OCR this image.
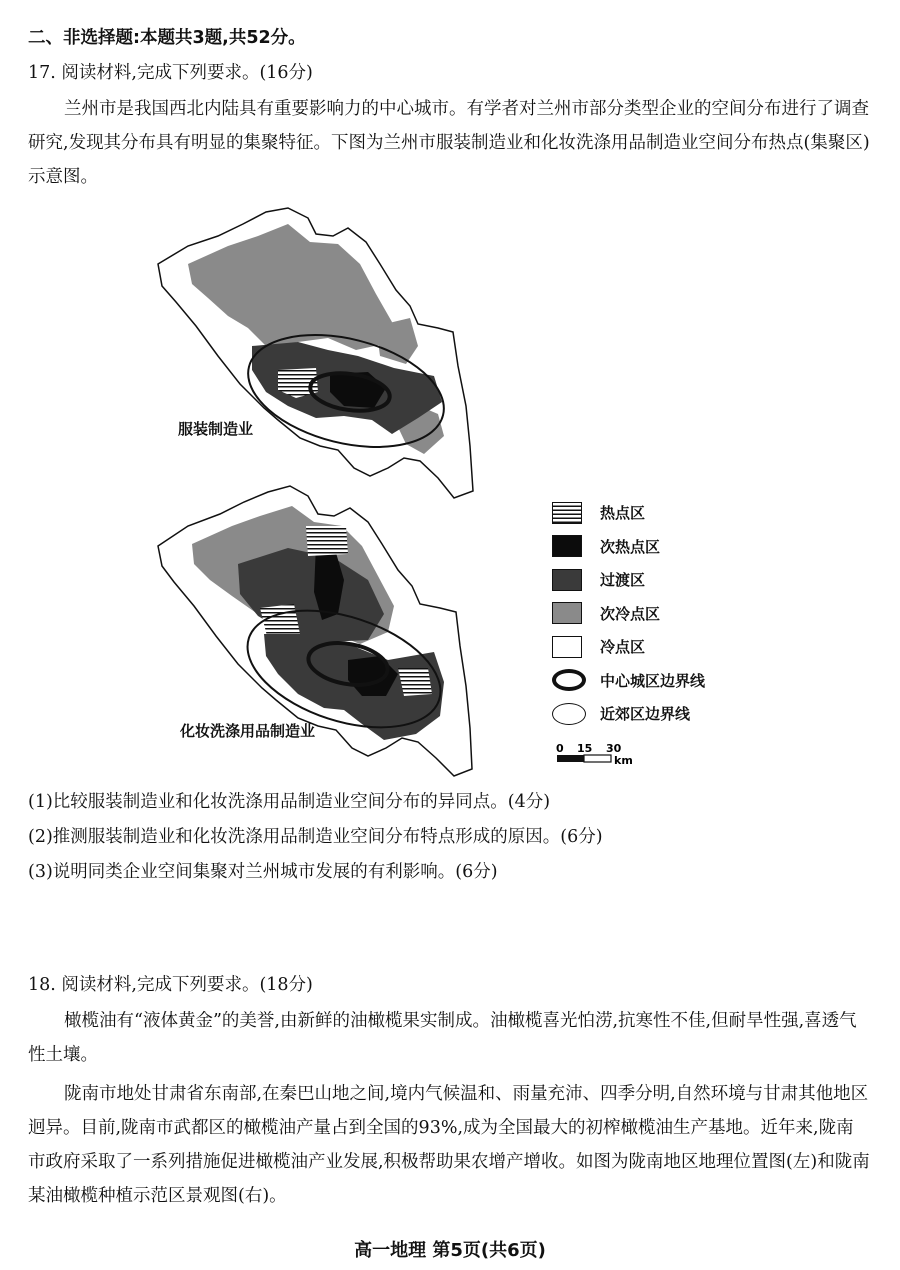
二、非选择题:本题共3题,共52分。
17. 阅读材料,完成下列要求。(16分)
兰州市是我国西北内陆具有重要影响力的中心城市。有学者对兰州市部分类型企业的空间分布进行了调查研究,发现其分布具有明显的集聚特征。下图为兰州市服装制造业和化妆洗涤用品制造业空间分布热点(集聚区)示意图。
服装制造业
化妆洗涤用品制造业
热点区
次热点区
过渡区
次冷点区
冷点区
中心城区边界线
近郊区边界线
0 15 30
km
(1)比较服装制造业和化妆洗涤用品制造业空间分布的异同点。(4分)
(2)推测服装制造业和化妆洗涤用品制造业空间分布特点形成的原因。(6分)
(3)说明同类企业空间集聚对兰州城市发展的有利影响。(6分)
18. 阅读材料,完成下列要求。(18分)
橄榄油有“液体黄金”的美誉,由新鲜的油橄榄果实制成。油橄榄喜光怕涝,抗寒性不佳,但耐旱性强,喜透气性土壤。
陇南市地处甘肃省东南部,在秦巴山地之间,境内气候温和、雨量充沛、四季分明,自然环境与甘肃其他地区迥异。目前,陇南市武都区的橄榄油产量占到全国的93%,成为全国最大的初榨橄榄油生产基地。近年来,陇南市政府采取了一系列措施促进橄榄油产业发展,积极帮助果农增产增收。如图为陇南地区地理位置图(左)和陇南某油橄榄种植示范区景观图(右)。
高一地理 第5页(共6页)
